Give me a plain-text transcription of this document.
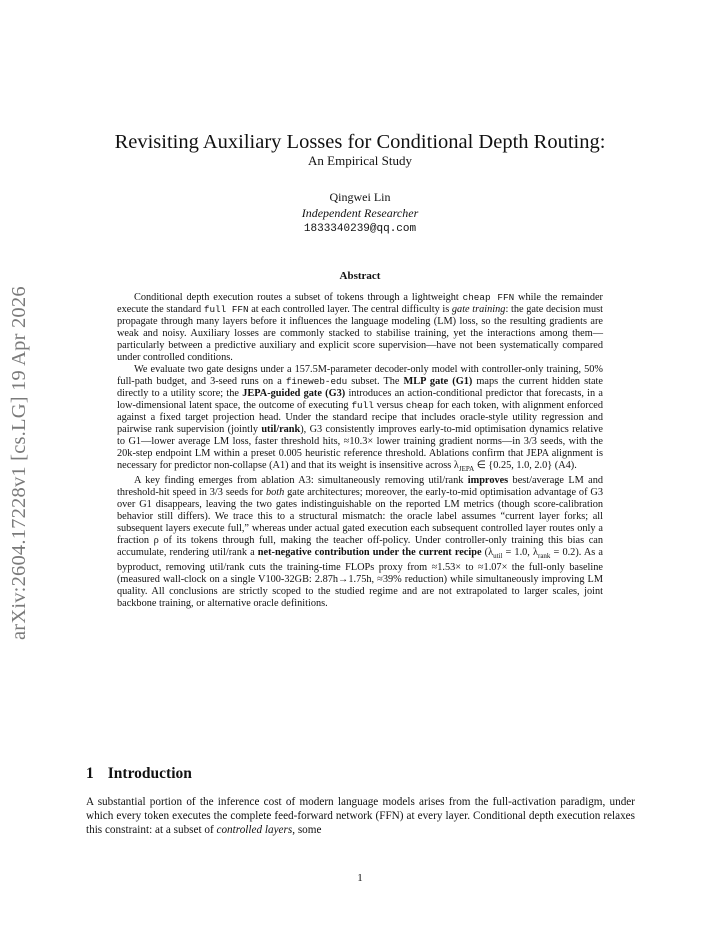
arXiv:2604.17228v1 [cs.LG] 19 Apr 2026
Revisiting Auxiliary Losses for Conditional Depth Routing:
An Empirical Study
Qingwei Lin
Independent Researcher
1833340239@qq.com
Abstract

Conditional depth execution routes a subset of tokens through a lightweight cheap FFN while the remainder execute the standard full FFN at each controlled layer. The central difficulty is gate training: the gate decision must propagate through many layers before it influences the language modeling (LM) loss, so the resulting gradients are weak and noisy. Auxiliary losses are commonly stacked to stabilise training, yet the interactions among them—particularly between a predictive auxiliary and explicit score supervision—have not been systematically compared under controlled conditions.

We evaluate two gate designs under a 157.5M-parameter decoder-only model with controller-only training, 50% full-path budget, and 3-seed runs on a fineweb-edu subset. The MLP gate (G1) maps the current hidden state directly to a utility score; the JEPA-guided gate (G3) introduces an action-conditional predictor that forecasts, in a low-dimensional latent space, the outcome of executing full versus cheap for each token, with alignment enforced against a fixed target projection head. Under the standard recipe that includes oracle-style utility regression and pairwise rank supervision (jointly util/rank), G3 consistently improves early-to-mid optimisation dynamics relative to G1—lower average LM loss, faster threshold hits, ≈10.3× lower training gradient norms—in 3/3 seeds, with the 20k-step endpoint LM within a preset 0.005 heuristic reference threshold. Ablations confirm that JEPA alignment is necessary for predictor non-collapse (A1) and that its weight is insensitive across $\lambda_{JEPA}$ ∈ {0.25, 1.0, 2.0} (A4).

A key finding emerges from ablation A3: simultaneously removing util/rank improves best/average LM and threshold-hit speed in 3/3 seeds for both gate architectures; moreover, the early-to-mid optimisation advantage of G3 over G1 disappears, leaving the two gates indistinguishable on the reported LM metrics (though score-calibration behavior still differs). We trace this to a structural mismatch: the oracle label assumes “current layer forks; all subsequent layers execute full,” whereas under actual gated execution each subsequent controlled layer routes only a fraction ρ of its tokens through full, making the teacher off-policy. Under controller-only training this bias can accumulate, rendering util/rank a net-negative contribution under the current recipe ($\lambda_{util} = 1.0$, $\lambda_{rank} = 0.2$). As a byproduct, removing util/rank cuts the training-time FLOPs proxy from ≈1.53× to ≈1.07× the full-only baseline (measured wall-clock on a single V100-32GB: 2.87h→1.75h, ≈39% reduction) while simultaneously improving LM quality. All conclusions are strictly scoped to the studied regime and are not extrapolated to larger scales, joint backbone training, or alternative oracle definitions.

1 Introduction

A substantial portion of the inference cost of modern language models arises from the full-activation paradigm, under which every token executes the complete feed-forward network (FFN) at every layer. Conditional depth execution relaxes this constraint: at a subset of controlled layers, some

1
